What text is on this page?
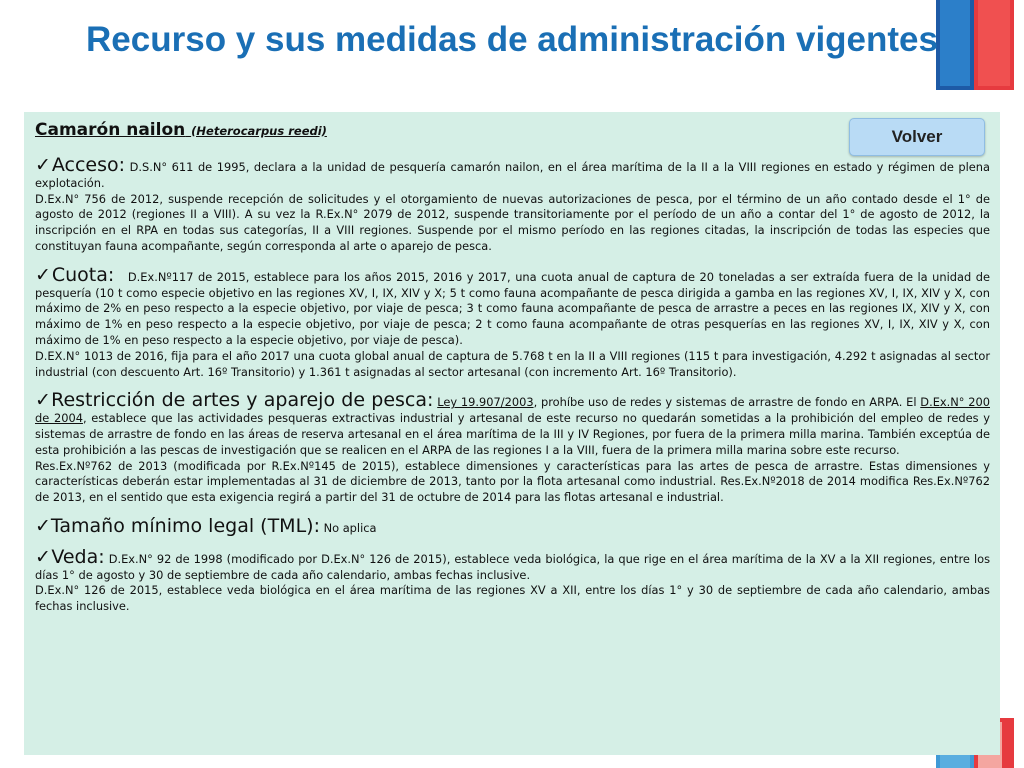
Recurso y sus medidas de administración vigentes
Camarón nailon (Heterocarpus reedi)	Volver

✓Acceso: D.S.N° 611 de 1995, declara a la unidad de pesquería camarón nailon, en el área marítima de la II a la VIII regiones en estado y régimen de plena explotación.

D.Ex.N° 756 de 2012, suspende recepción de solicitudes y el otorgamiento de nuevas autorizaciones de pesca, por el término de un año contado desde el 1° de agosto de 2012 (regiones II a VIII). A su vez la R.Ex.N° 2079 de 2012, suspende transitoriamente por el período de un año a contar del 1° de agosto de 2012, la inscripción en el RPA en todas sus categorías, II a VIII regiones. Suspende por el mismo período en las regiones citadas, la inscripción de todas las especies que constituyan fauna acompañante, según corresponda al arte o aparejo de pesca.

✓Cuota: D.Ex.Nº117 de 2015, establece para los años 2015, 2016 y 2017, una cuota anual de captura de 20 toneladas a ser extraída fuera de la unidad de pesquería (10 t como especie objetivo en las regiones XV, I, IX, XIV y X; 5 t como fauna acompañante de pesca dirigida a gamba en las regiones XV, I, IX, XIV y X, con máximo de 2% en peso respecto a la especie objetivo, por viaje de pesca; 3 t como fauna acompañante de pesca de arrastre a peces en las regiones IX, XIV y X, con máximo de 1% en peso respecto a la especie objetivo, por viaje de pesca; 2 t como fauna acompañante de otras pesquerías en las regiones XV, I, IX, XIV y X, con máximo de 1% en peso respecto a la especie objetivo, por viaje de pesca).

D.EX.N° 1013 de 2016, fija para el año 2017 una cuota global anual de captura de 5.768 t en la II a VIII regiones (115 t para investigación, 4.292 t asignadas al sector industrial (con descuento Art. 16º Transitorio) y 1.361 t asignadas al sector artesanal (con incremento Art. 16º Transitorio).

✓Restricción de artes y aparejo de pesca: Ley 19.907/2003, prohíbe uso de redes y sistemas de arrastre de fondo en ARPA. El D.Ex.N° 200 de 2004, establece que las actividades pesqueras extractivas industrial y artesanal de este recurso no quedarán sometidas a la prohibición del empleo de redes y sistemas de arrastre de fondo en las áreas de reserva artesanal en el área marítima de la III y IV Regiones, por fuera de la primera milla marina. También exceptúa de esta prohibición a las pescas de investigación que se realicen en el ARPA de las regiones I a la VIII, fuera de la primera milla marina sobre este recurso.

Res.Ex.Nº762 de 2013 (modificada por R.Ex.Nº145 de 2015), establece dimensiones y características para las artes de pesca de arrastre. Estas dimensiones y características deberán estar implementadas al 31 de diciembre de 2013, tanto por la flota artesanal como industrial. Res.Ex.Nº2018 de 2014 modifica Res.Ex.Nº762 de 2013, en el sentido que esta exigencia regirá a partir del 31 de octubre de 2014 para las flotas artesanal e industrial.

✓Tamaño mínimo legal (TML): No aplica

✓Veda: D.Ex.N° 92 de 1998 (modificado por D.Ex.N° 126 de 2015), establece veda biológica, la que rige en el área marítima de la XV a la XII regiones, entre los días 1° de agosto y 30 de septiembre de cada año calendario, ambas fechas inclusive.

D.Ex.N° 126 de 2015, establece veda biológica en el área marítima de las regiones XV a XII, entre los días 1° y 30 de septiembre de cada año calendario, ambas fechas inclusive.
